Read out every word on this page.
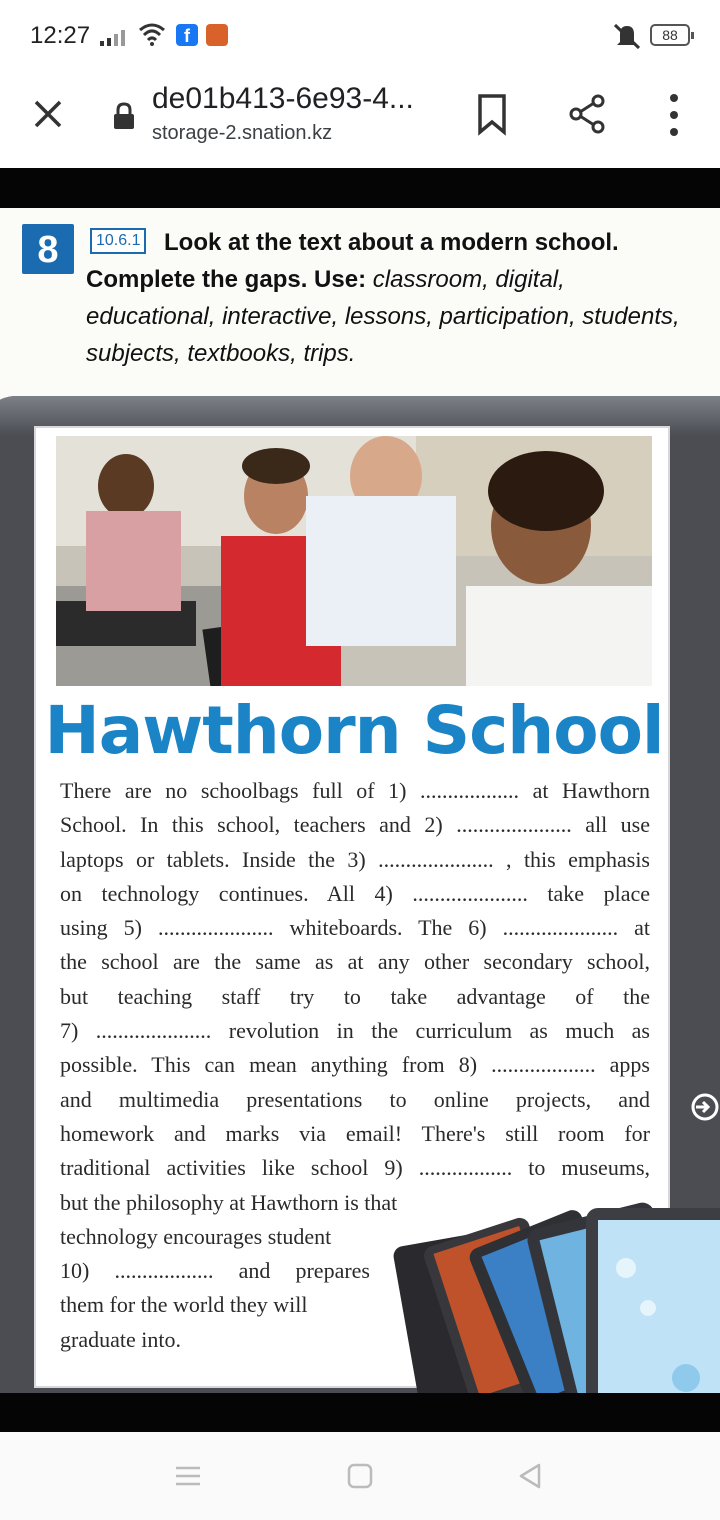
12:27	f	88
de01b413-6e93-4...
storage-2.snation.kz
8	Look at the text about a modern school. Complete the gaps. Use: classroom, digital, educational, interactive, lessons, participation, students, subjects, textbooks, trips.
10.6.1
Hawthorn School
There are no schoolbags full of 1) .................. at Hawthorn
School. In this school, teachers and 2) ..................... all use
laptops or tablets. Inside the 3) ..................... , this emphasis
on technology continues. All 4) ..................... take place
using 5) ..................... whiteboards. The 6) ..................... at
the school are the same as at any other secondary school,
but teaching staff try to take advantage of the
7) ..................... revolution in the curriculum as much as
possible. This can mean anything from 8) ................... apps
and multimedia presentations to online projects, and
homework and marks via email! There's still room for
traditional activities like school 9) ................. to museums,
but the philosophy at Hawthorn is that
technology encourages student
10) .................. and prepares
them for the world they will
graduate into.
